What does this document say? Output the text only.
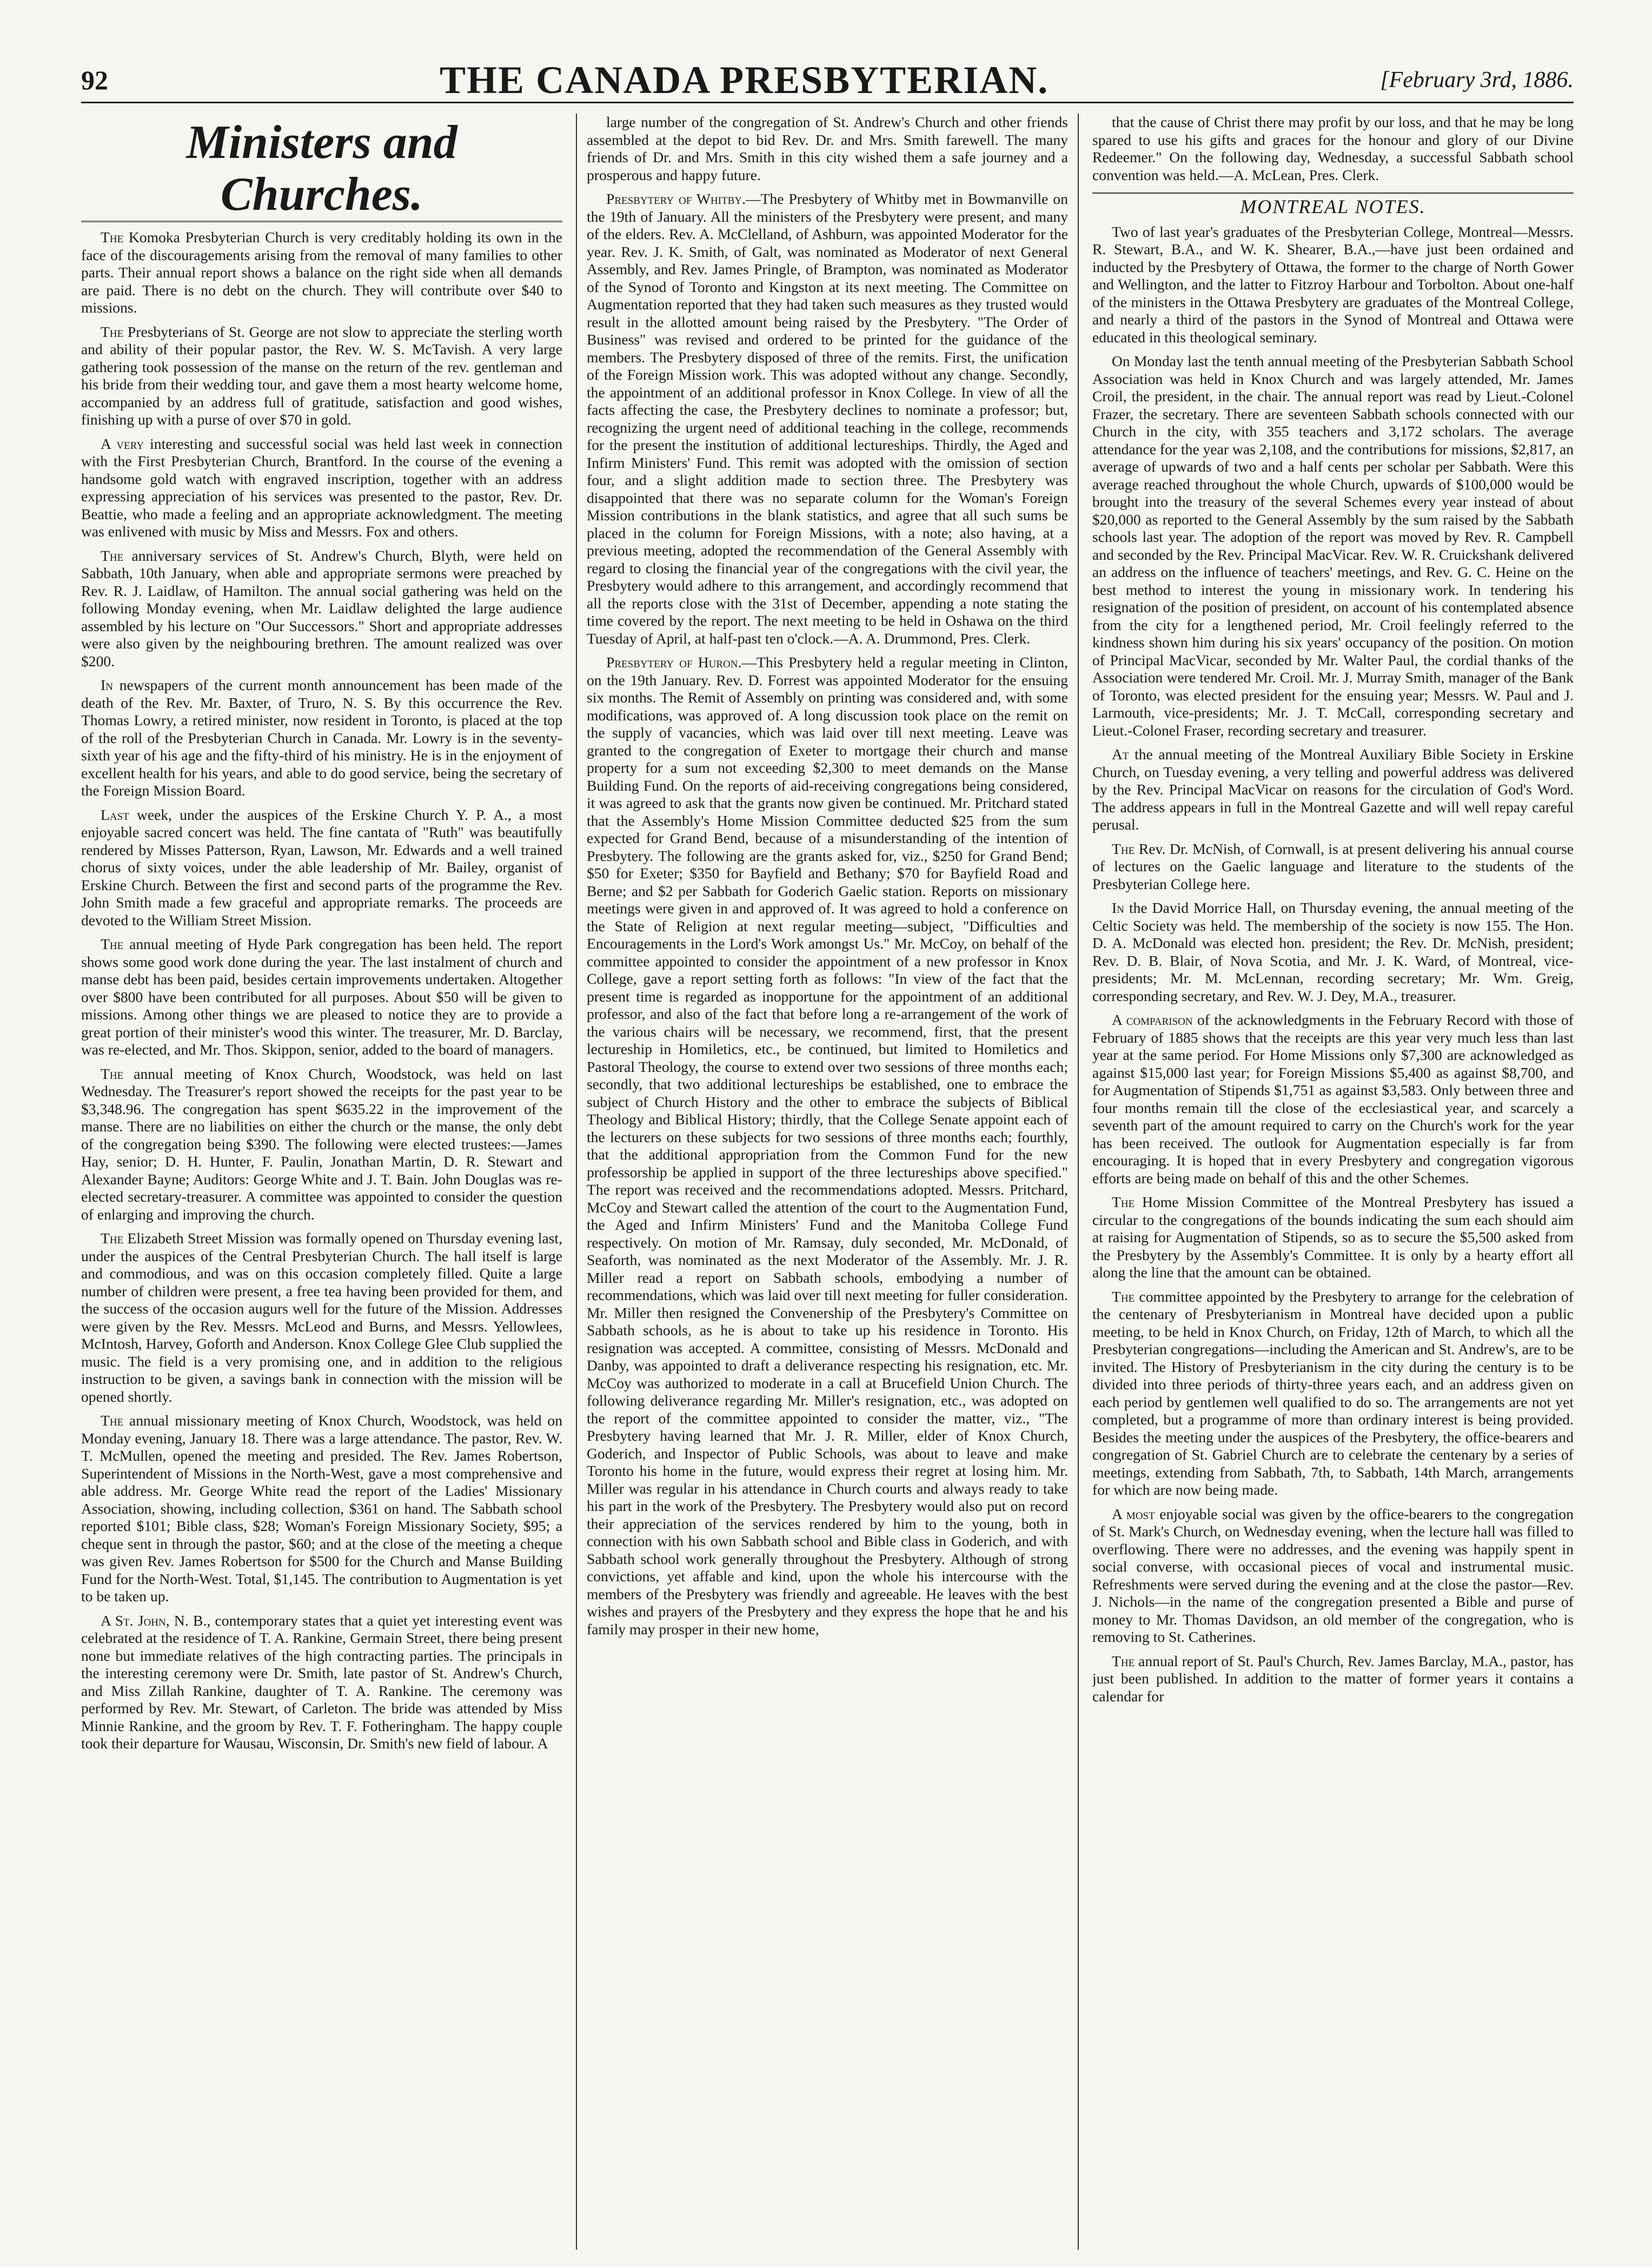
92	THE CANADA PRESBYTERIAN.	[February 3rd, 1886.
Ministers and Churches.

The Komoka Presbyterian Church is very creditably holding its own in the face of the discouragements arising from the removal of many families to other parts. Their annual report shows a balance on the right side when all demands are paid. There is no debt on the church. They will contribute over $40 to missions.

The Presbyterians of St. George are not slow to appreciate the sterling worth and ability of their popular pastor, the Rev. W. S. McTavish. A very large gathering took possession of the manse on the return of the rev. gentleman and his bride from their wedding tour, and gave them a most hearty welcome home, accompanied by an address full of gratitude, satisfaction and good wishes, finishing up with a purse of over $70 in gold.

A very interesting and successful social was held last week in connection with the First Presbyterian Church, Brantford. In the course of the evening a handsome gold watch with engraved inscription, together with an address expressing appreciation of his services was presented to the pastor, Rev. Dr. Beattie, who made a feeling and an appropriate acknowledgment. The meeting was enlivened with music by Miss and Messrs. Fox and others.

The anniversary services of St. Andrew's Church, Blyth, were held on Sabbath, 10th January, when able and appropriate sermons were preached by Rev. R. J. Laidlaw, of Hamilton. The annual social gathering was held on the following Monday evening, when Mr. Laidlaw delighted the large audience assembled by his lecture on "Our Successors." Short and appropriate addresses were also given by the neighbouring brethren. The amount realized was over $200.

In newspapers of the current month announcement has been made of the death of the Rev. Mr. Baxter, of Truro, N. S. By this occurrence the Rev. Thomas Lowry, a retired minister, now resident in Toronto, is placed at the top of the roll of the Presbyterian Church in Canada. Mr. Lowry is in the seventy-sixth year of his age and the fifty-third of his ministry. He is in the enjoyment of excellent health for his years, and able to do good service, being the secretary of the Foreign Mission Board.

Last week, under the auspices of the Erskine Church Y. P. A., a most enjoyable sacred concert was held. The fine cantata of "Ruth" was beautifully rendered by Misses Patterson, Ryan, Lawson, Mr. Edwards and a well trained chorus of sixty voices, under the able leadership of Mr. Bailey, organist of Erskine Church. Between the first and second parts of the programme the Rev. John Smith made a few graceful and appropriate remarks. The proceeds are devoted to the William Street Mission.

The annual meeting of Hyde Park congregation has been held. The report shows some good work done during the year. The last instalment of church and manse debt has been paid, besides certain improvements undertaken. Altogether over $800 have been contributed for all purposes. About $50 will be given to missions. Among other things we are pleased to notice they are to provide a great portion of their minister's wood this winter. The treasurer, Mr. D. Barclay, was re-elected, and Mr. Thos. Skippon, senior, added to the board of managers.

The annual meeting of Knox Church, Woodstock, was held on last Wednesday. The Treasurer's report showed the receipts for the past year to be $3,348.96. The congregation has spent $635.22 in the improvement of the manse. There are no liabilities on either the church or the manse, the only debt of the congregation being $390. The following were elected trustees:—James Hay, senior; D. H. Hunter, F. Paulin, Jonathan Martin, D. R. Stewart and Alexander Bayne; Auditors: George White and J. T. Bain. John Douglas was re-elected secretary-treasurer. A committee was appointed to consider the question of enlarging and improving the church.

The Elizabeth Street Mission was formally opened on Thursday evening last, under the auspices of the Central Presbyterian Church. The hall itself is large and commodious, and was on this occasion completely filled. Quite a large number of children were present, a free tea having been provided for them, and the success of the occasion augurs well for the future of the Mission. Addresses were given by the Rev. Messrs. McLeod and Burns, and Messrs. Yellowlees, McIntosh, Harvey, Goforth and Anderson. Knox College Glee Club supplied the music. The field is a very promising one, and in addition to the religious instruction to be given, a savings bank in connection with the mission will be opened shortly.

The annual missionary meeting of Knox Church, Woodstock, was held on Monday evening, January 18. There was a large attendance. The pastor, Rev. W. T. McMullen, opened the meeting and presided. The Rev. James Robertson, Superintendent of Missions in the North-West, gave a most comprehensive and able address. Mr. George White read the report of the Ladies' Missionary Association, showing, including collection, $361 on hand. The Sabbath school reported $101; Bible class, $28; Woman's Foreign Missionary Society, $95; a cheque sent in through the pastor, $60; and at the close of the meeting a cheque was given Rev. James Robertson for $500 for the Church and Manse Building Fund for the North-West. Total, $1,145. The contribution to Augmentation is yet to be taken up.

A St. John, N. B., contemporary states that a quiet yet interesting event was celebrated at the residence of T. A. Rankine, Germain Street, there being present none but immediate relatives of the high contracting parties. The principals in the interesting ceremony were Dr. Smith, late pastor of St. Andrew's Church, and Miss Zillah Rankine, daughter of T. A. Rankine. The ceremony was performed by Rev. Mr. Stewart, of Carleton. The bride was attended by Miss Minnie Rankine, and the groom by Rev. T. F. Fotheringham. The happy couple took their departure for Wausau, Wisconsin, Dr. Smith's new field of labour. A

large number of the congregation of St. Andrew's Church and other friends assembled at the depot to bid Rev. Dr. and Mrs. Smith farewell. The many friends of Dr. and Mrs. Smith in this city wished them a safe journey and a prosperous and happy future.

Presbytery of Whitby.—The Presbytery of Whitby met in Bowmanville on the 19th of January. All the ministers of the Presbytery were present, and many of the elders. Rev. A. McClelland, of Ashburn, was appointed Moderator for the year. Rev. J. K. Smith, of Galt, was nominated as Moderator of next General Assembly, and Rev. James Pringle, of Brampton, was nominated as Moderator of the Synod of Toronto and Kingston at its next meeting. The Committee on Augmentation reported that they had taken such measures as they trusted would result in the allotted amount being raised by the Presbytery. "The Order of Business" was revised and ordered to be printed for the guidance of the members. The Presbytery disposed of three of the remits. First, the unification of the Foreign Mission work. This was adopted without any change. Secondly, the appointment of an additional professor in Knox College. In view of all the facts affecting the case, the Presbytery declines to nominate a professor; but, recognizing the urgent need of additional teaching in the college, recommends for the present the institution of additional lectureships. Thirdly, the Aged and Infirm Ministers' Fund. This remit was adopted with the omission of section four, and a slight addition made to section three. The Presbytery was disappointed that there was no separate column for the Woman's Foreign Mission contributions in the blank statistics, and agree that all such sums be placed in the column for Foreign Missions, with a note; also having, at a previous meeting, adopted the recommendation of the General Assembly with regard to closing the financial year of the congregations with the civil year, the Presbytery would adhere to this arrangement, and accordingly recommend that all the reports close with the 31st of December, appending a note stating the time covered by the report. The next meeting to be held in Oshawa on the third Tuesday of April, at half-past ten o'clock.—A. A. Drummond, Pres. Clerk.

Presbytery of Huron.—This Presbytery held a regular meeting in Clinton, on the 19th January. Rev. D. Forrest was appointed Moderator for the ensuing six months. The Remit of Assembly on printing was considered and, with some modifications, was approved of. A long discussion took place on the remit on the supply of vacancies, which was laid over till next meeting. Leave was granted to the congregation of Exeter to mortgage their church and manse property for a sum not exceeding $2,300 to meet demands on the Manse Building Fund. On the reports of aid-receiving congregations being considered, it was agreed to ask that the grants now given be continued. Mr. Pritchard stated that the Assembly's Home Mission Committee deducted $25 from the sum expected for Grand Bend, because of a misunderstanding of the intention of Presbytery. The following are the grants asked for, viz., $250 for Grand Bend; $50 for Exeter; $350 for Bayfield and Bethany; $70 for Bayfield Road and Berne; and $2 per Sabbath for Goderich Gaelic station. Reports on missionary meetings were given in and approved of. It was agreed to hold a conference on the State of Religion at next regular meeting—subject, "Difficulties and Encouragements in the Lord's Work amongst Us." Mr. McCoy, on behalf of the committee appointed to consider the appointment of a new professor in Knox College, gave a report setting forth as follows: "In view of the fact that the present time is regarded as inopportune for the appointment of an additional professor, and also of the fact that before long a re-arrangement of the work of the various chairs will be necessary, we recommend, first, that the present lectureship in Homiletics, etc., be continued, but limited to Homiletics and Pastoral Theology, the course to extend over two sessions of three months each; secondly, that two additional lectureships be established, one to embrace the subject of Church History and the other to embrace the subjects of Biblical Theology and Biblical History; thirdly, that the College Senate appoint each of the lecturers on these subjects for two sessions of three months each; fourthly, that the additional appropriation from the Common Fund for the new professorship be applied in support of the three lectureships above specified." The report was received and the recommendations adopted. Messrs. Pritchard, McCoy and Stewart called the attention of the court to the Augmentation Fund, the Aged and Infirm Ministers' Fund and the Manitoba College Fund respectively. On motion of Mr. Ramsay, duly seconded, Mr. McDonald, of Seaforth, was nominated as the next Moderator of the Assembly. Mr. J. R. Miller read a report on Sabbath schools, embodying a number of recommendations, which was laid over till next meeting for fuller consideration. Mr. Miller then resigned the Convenership of the Presbytery's Committee on Sabbath schools, as he is about to take up his residence in Toronto. His resignation was accepted. A committee, consisting of Messrs. McDonald and Danby, was appointed to draft a deliverance respecting his resignation, etc. Mr. McCoy was authorized to moderate in a call at Brucefield Union Church. The following deliverance regarding Mr. Miller's resignation, etc., was adopted on the report of the committee appointed to consider the matter, viz., "The Presbytery having learned that Mr. J. R. Miller, elder of Knox Church, Goderich, and Inspector of Public Schools, was about to leave and make Toronto his home in the future, would express their regret at losing him. Mr. Miller was regular in his attendance in Church courts and always ready to take his part in the work of the Presbytery. The Presbytery would also put on record their appreciation of the services rendered by him to the young, both in connection with his own Sabbath school and Bible class in Goderich, and with Sabbath school work generally throughout the Presbytery. Although of strong convictions, yet affable and kind, upon the whole his intercourse with the members of the Presbytery was friendly and agreeable. He leaves with the best wishes and prayers of the Presbytery and they express the hope that he and his family may prosper in their new home,

that the cause of Christ there may profit by our loss, and that he may be long spared to use his gifts and graces for the honour and glory of our Divine Redeemer." On the following day, Wednesday, a successful Sabbath school convention was held.—A. McLean, Pres. Clerk.

MONTREAL NOTES.

Two of last year's graduates of the Presbyterian College, Montreal—Messrs. R. Stewart, B.A., and W. K. Shearer, B.A.,—have just been ordained and inducted by the Presbytery of Ottawa, the former to the charge of North Gower and Wellington, and the latter to Fitzroy Harbour and Torbolton. About one-half of the ministers in the Ottawa Presbytery are graduates of the Montreal College, and nearly a third of the pastors in the Synod of Montreal and Ottawa were educated in this theological seminary.

On Monday last the tenth annual meeting of the Presbyterian Sabbath School Association was held in Knox Church and was largely attended, Mr. James Croil, the president, in the chair. The annual report was read by Lieut.-Colonel Frazer, the secretary. There are seventeen Sabbath schools connected with our Church in the city, with 355 teachers and 3,172 scholars. The average attendance for the year was 2,108, and the contributions for missions, $2,817, an average of upwards of two and a half cents per scholar per Sabbath. Were this average reached throughout the whole Church, upwards of $100,000 would be brought into the treasury of the several Schemes every year instead of about $20,000 as reported to the General Assembly by the sum raised by the Sabbath schools last year. The adoption of the report was moved by Rev. R. Campbell and seconded by the Rev. Principal MacVicar. Rev. W. R. Cruickshank delivered an address on the influence of teachers' meetings, and Rev. G. C. Heine on the best method to interest the young in missionary work. In tendering his resignation of the position of president, on account of his contemplated absence from the city for a lengthened period, Mr. Croil feelingly referred to the kindness shown him during his six years' occupancy of the position. On motion of Principal MacVicar, seconded by Mr. Walter Paul, the cordial thanks of the Association were tendered Mr. Croil. Mr. J. Murray Smith, manager of the Bank of Toronto, was elected president for the ensuing year; Messrs. W. Paul and J. Larmouth, vice-presidents; Mr. J. T. McCall, corresponding secretary and Lieut.-Colonel Fraser, recording secretary and treasurer.

At the annual meeting of the Montreal Auxiliary Bible Society in Erskine Church, on Tuesday evening, a very telling and powerful address was delivered by the Rev. Principal MacVicar on reasons for the circulation of God's Word. The address appears in full in the Montreal Gazette and will well repay careful perusal.

The Rev. Dr. McNish, of Cornwall, is at present delivering his annual course of lectures on the Gaelic language and literature to the students of the Presbyterian College here.

In the David Morrice Hall, on Thursday evening, the annual meeting of the Celtic Society was held. The membership of the society is now 155. The Hon. D. A. McDonald was elected hon. president; the Rev. Dr. McNish, president; Rev. D. B. Blair, of Nova Scotia, and Mr. J. K. Ward, of Montreal, vice-presidents; Mr. M. McLennan, recording secretary; Mr. Wm. Greig, corresponding secretary, and Rev. W. J. Dey, M.A., treasurer.

A comparison of the acknowledgments in the February Record with those of February of 1885 shows that the receipts are this year very much less than last year at the same period. For Home Missions only $7,300 are acknowledged as against $15,000 last year; for Foreign Missions $5,400 as against $8,700, and for Augmentation of Stipends $1,751 as against $3,583. Only between three and four months remain till the close of the ecclesiastical year, and scarcely a seventh part of the amount required to carry on the Church's work for the year has been received. The outlook for Augmentation especially is far from encouraging. It is hoped that in every Presbytery and congregation vigorous efforts are being made on behalf of this and the other Schemes.

The Home Mission Committee of the Montreal Presbytery has issued a circular to the congregations of the bounds indicating the sum each should aim at raising for Augmentation of Stipends, so as to secure the $5,500 asked from the Presbytery by the Assembly's Committee. It is only by a hearty effort all along the line that the amount can be obtained.

The committee appointed by the Presbytery to arrange for the celebration of the centenary of Presbyterianism in Montreal have decided upon a public meeting, to be held in Knox Church, on Friday, 12th of March, to which all the Presbyterian congregations—including the American and St. Andrew's, are to be invited. The History of Presbyterianism in the city during the century is to be divided into three periods of thirty-three years each, and an address given on each period by gentlemen well qualified to do so. The arrangements are not yet completed, but a programme of more than ordinary interest is being provided. Besides the meeting under the auspices of the Presbytery, the office-bearers and congregation of St. Gabriel Church are to celebrate the centenary by a series of meetings, extending from Sabbath, 7th, to Sabbath, 14th March, arrangements for which are now being made.

A most enjoyable social was given by the office-bearers to the congregation of St. Mark's Church, on Wednesday evening, when the lecture hall was filled to overflowing. There were no addresses, and the evening was happily spent in social converse, with occasional pieces of vocal and instrumental music. Refreshments were served during the evening and at the close the pastor—Rev. J. Nichols—in the name of the congregation presented a Bible and purse of money to Mr. Thomas Davidson, an old member of the congregation, who is removing to St. Catherines.

The annual report of St. Paul's Church, Rev. James Barclay, M.A., pastor, has just been published. In addition to the matter of former years it contains a calendar for
